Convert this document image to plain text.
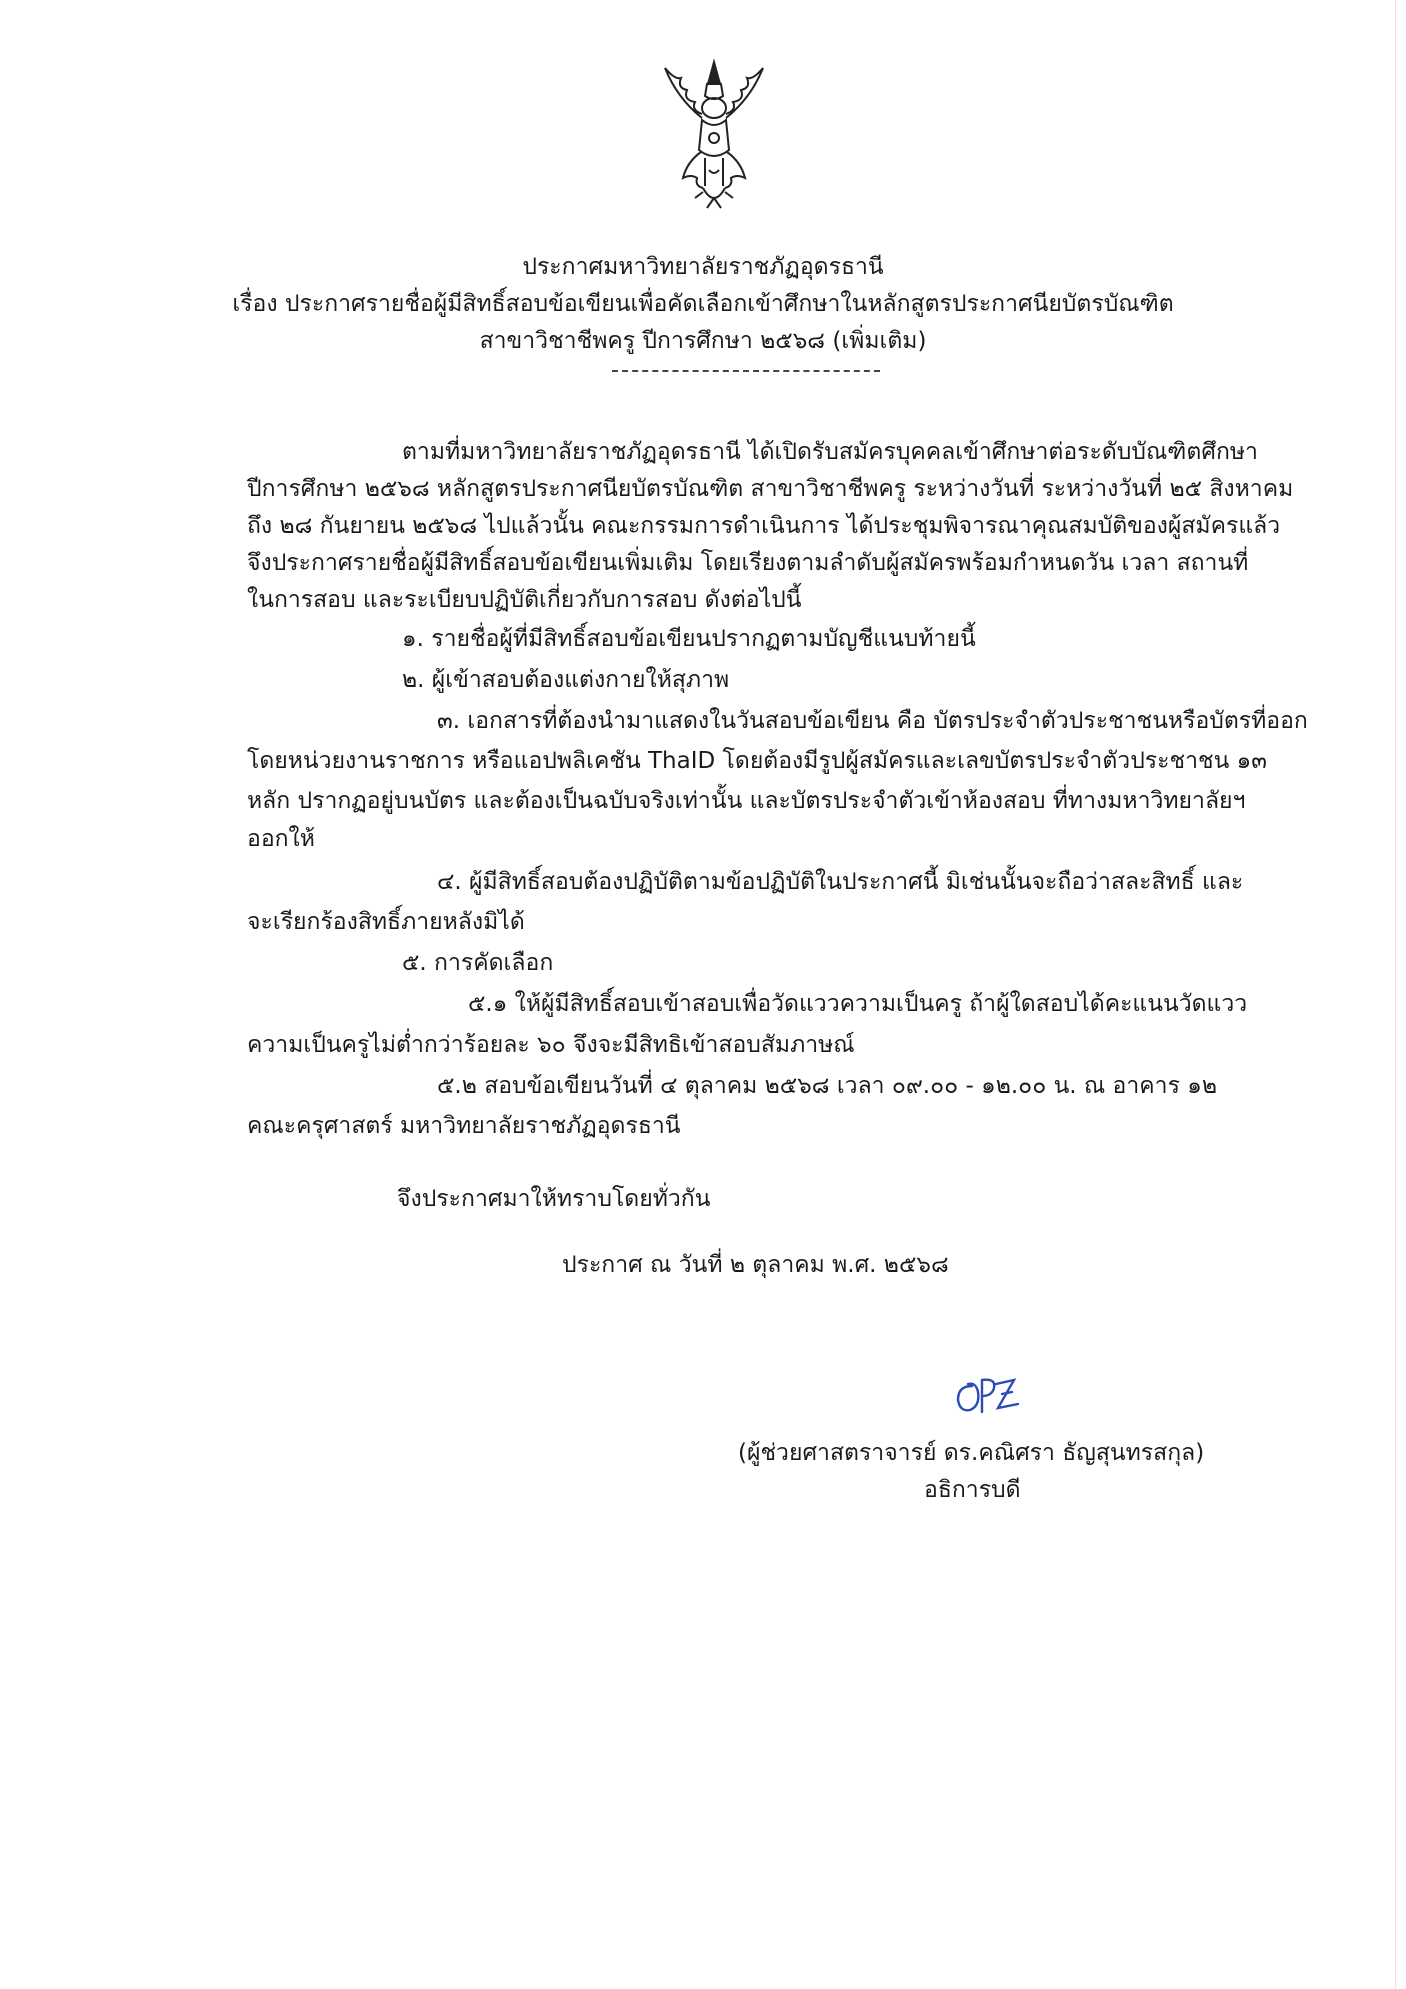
ประกาศมหาวิทยาลัยราชภัฏอุดรธานี
เรื่อง ประกาศรายชื่อผู้มีสิทธิ์สอบข้อเขียนเพื่อคัดเลือกเข้าศึกษาในหลักสูตรประกาศนียบัตรบัณฑิต
สาขาวิชาชีพครู ปีการศึกษา ๒๕๖๘ (เพิ่มเติม)
ตามที่มหาวิทยาลัยราชภัฏอุดรธานี ได้เปิดรับสมัครบุคคลเข้าศึกษาต่อระดับบัณฑิตศึกษา
ปีการศึกษา ๒๕๖๘ หลักสูตรประกาศนียบัตรบัณฑิต สาขาวิชาชีพครู ระหว่างวันที่ ระหว่างวันที่ ๒๕ สิงหาคม
ถึง ๒๘ กันยายน ๒๕๖๘ ไปแล้วนั้น คณะกรรมการดำเนินการ ได้ประชุมพิจารณาคุณสมบัติของผู้สมัครแล้ว
จึงประกาศรายชื่อผู้มีสิทธิ์สอบข้อเขียนเพิ่มเติม โดยเรียงตามลำดับผู้สมัครพร้อมกำหนดวัน เวลา สถานที่
ในการสอบ และระเบียบปฏิบัติเกี่ยวกับการสอบ ดังต่อไปนี้
๑. รายชื่อผู้ที่มีสิทธิ์สอบข้อเขียนปรากฏตามบัญชีแนบท้ายนี้
๒. ผู้เข้าสอบต้องแต่งกายให้สุภาพ
๓. เอกสารที่ต้องนำมาแสดงในวันสอบข้อเขียน คือ บัตรประจำตัวประชาชนหรือบัตรที่ออก
โดยหน่วยงานราชการ หรือแอปพลิเคชัน ThaID โดยต้องมีรูปผู้สมัครและเลขบัตรประจำตัวประชาชน ๑๓
หลัก ปรากฏอยู่บนบัตร และต้องเป็นฉบับจริงเท่านั้น และบัตรประจำตัวเข้าห้องสอบ ที่ทางมหาวิทยาลัยฯ
ออกให้
๔. ผู้มีสิทธิ์สอบต้องปฏิบัติตามข้อปฏิบัติในประกาศนี้ มิเช่นนั้นจะถือว่าสละสิทธิ์ และ
จะเรียกร้องสิทธิ์ภายหลังมิได้
๕. การคัดเลือก
๕.๑ ให้ผู้มีสิทธิ์สอบเข้าสอบเพื่อวัดแววความเป็นครู ถ้าผู้ใดสอบได้คะแนนวัดแวว
ความเป็นครูไม่ต่ำกว่าร้อยละ ๖๐ จึงจะมีสิทธิเข้าสอบสัมภาษณ์
๕.๒ สอบข้อเขียนวันที่ ๔ ตุลาคม ๒๕๖๘ เวลา ๐๙.๐๐ - ๑๒.๐๐ น. ณ อาคาร ๑๒
คณะครุศาสตร์ มหาวิทยาลัยราชภัฏอุดรธานี
จึงประกาศมาให้ทราบโดยทั่วกัน
ประกาศ ณ วันที่ ๒ ตุลาคม พ.ศ. ๒๕๖๘
(ผู้ช่วยศาสตราจารย์ ดร.คณิศรา ธัญสุนทรสกุล)
อธิการบดี
